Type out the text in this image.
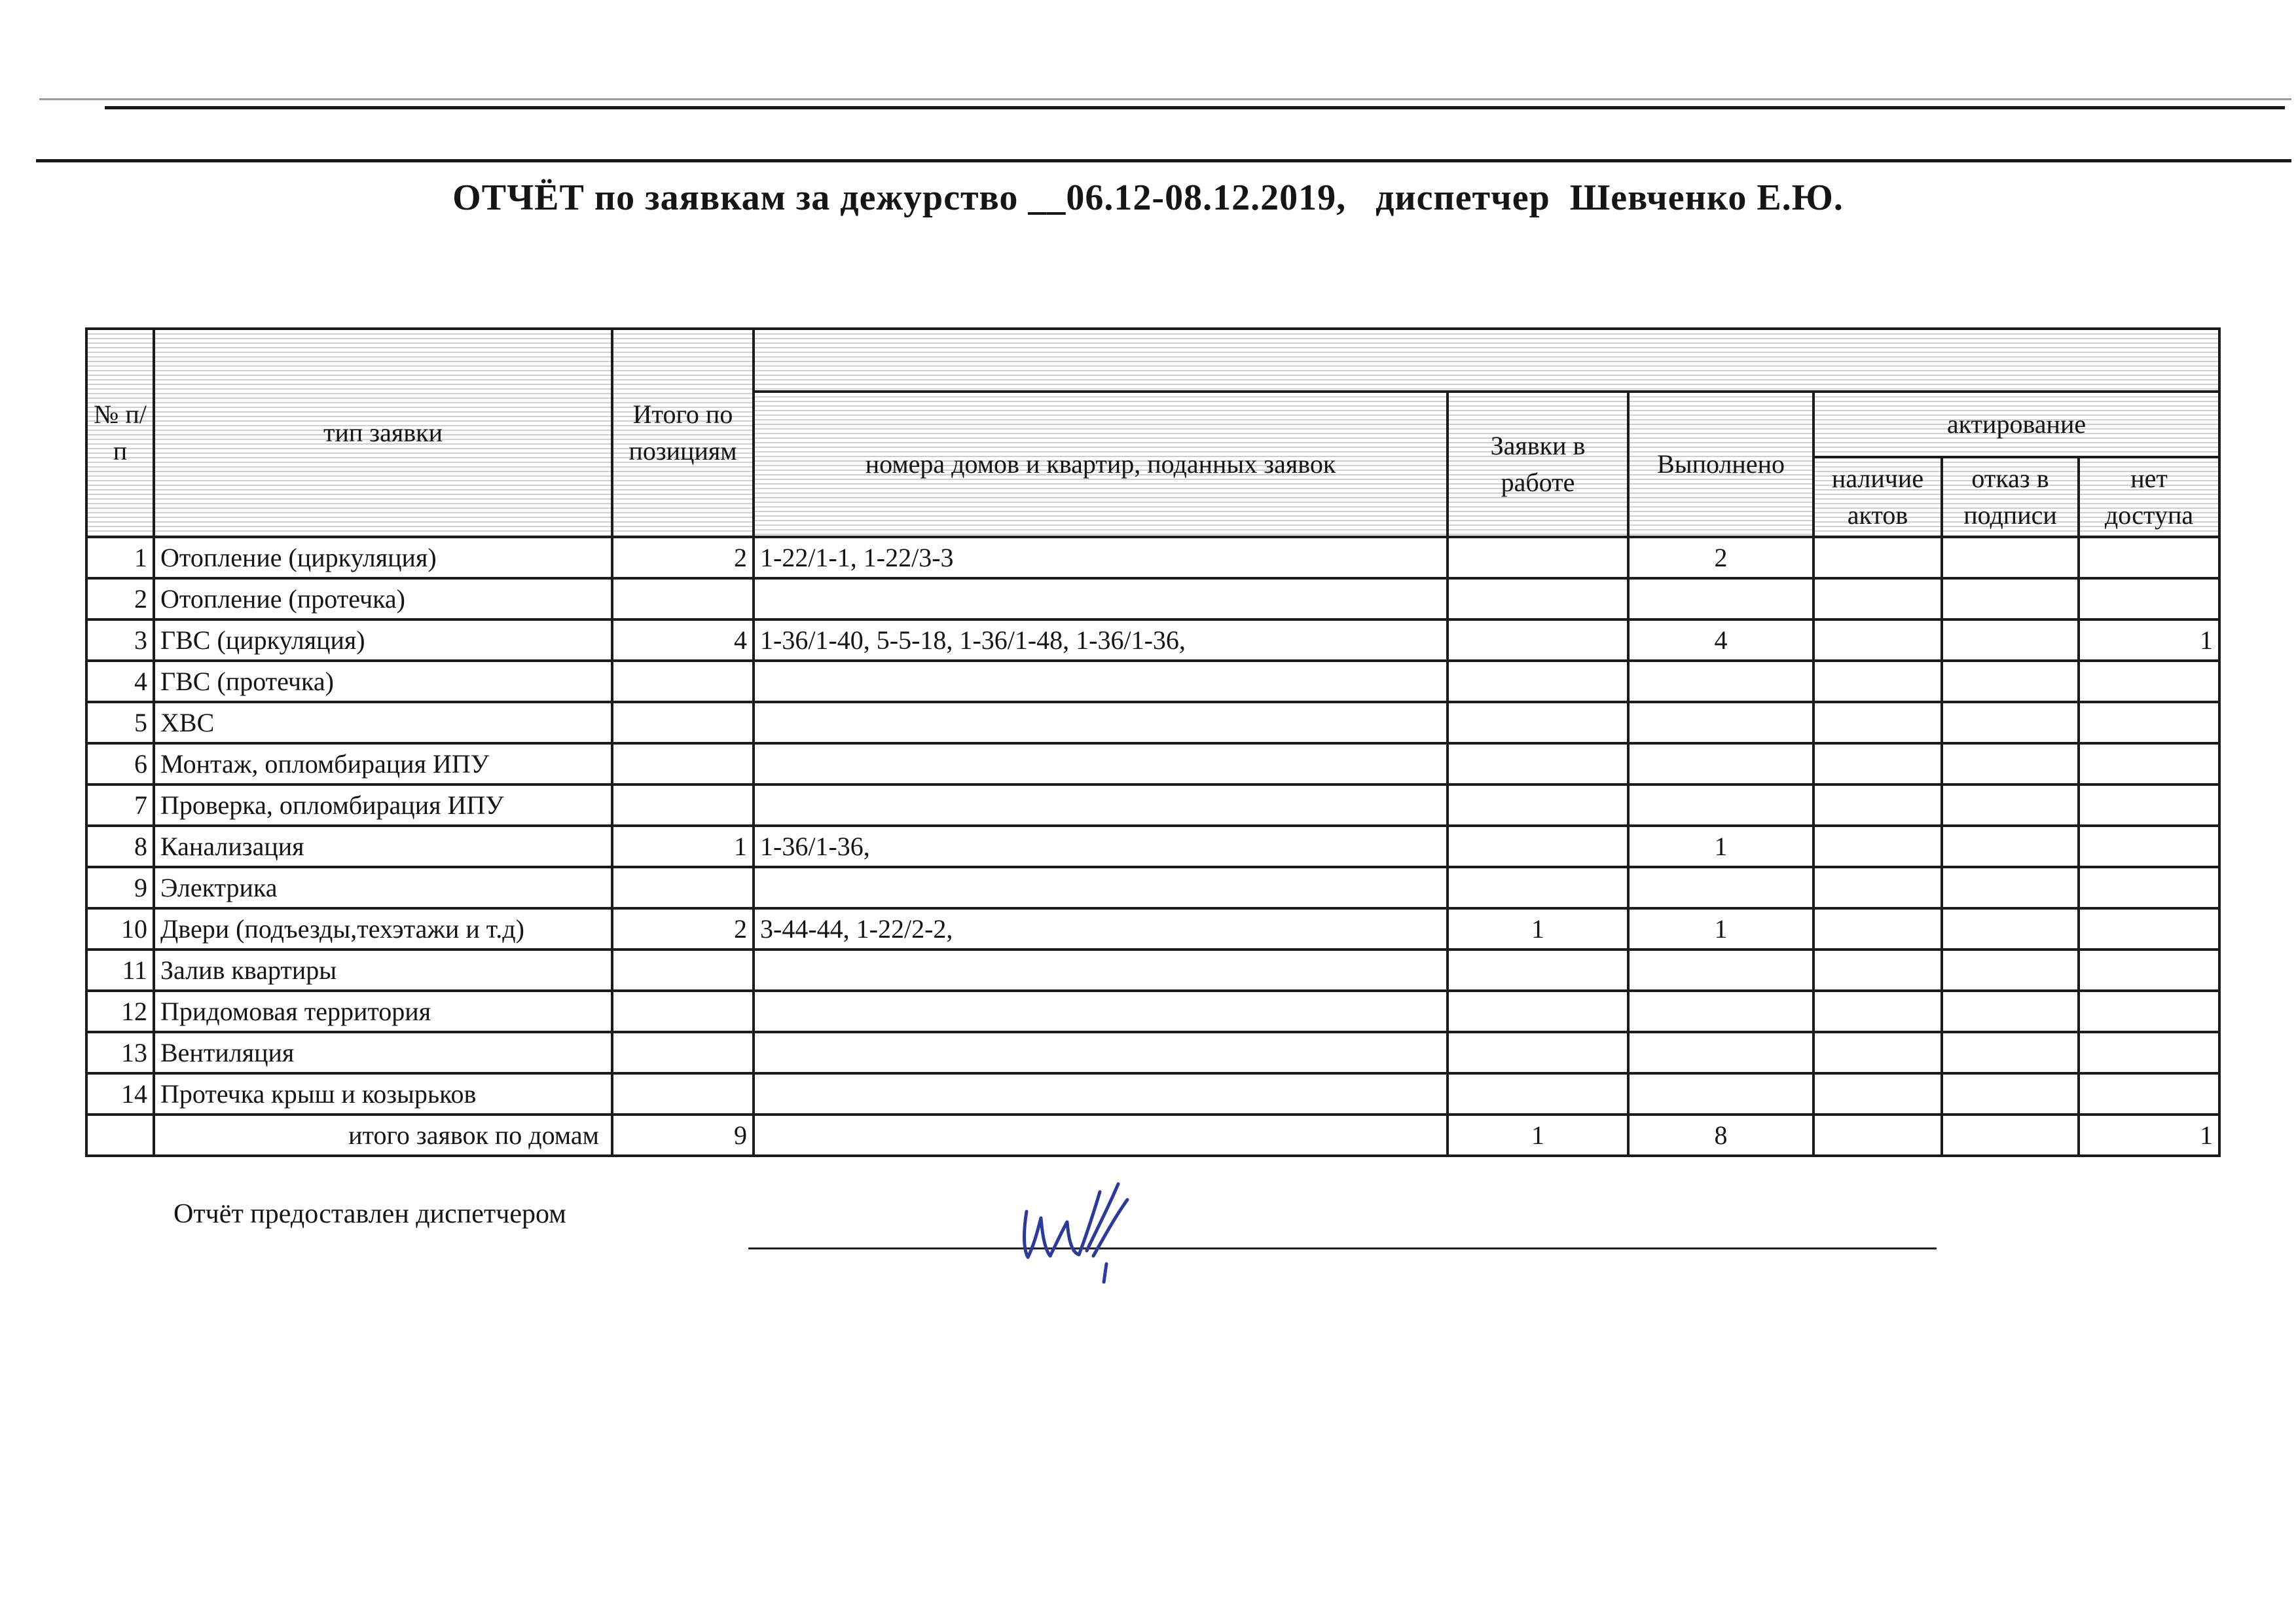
ОТЧЁТ по заявкам за дежурство __06.12-08.12.2019,   диспетчер  Шевченко Е.Ю.
№ п/п	тип заявки	Итого по позициям						
			номера домов и квартир, поданных заявок	Заявки в работе	Выполнено	актирование		
						наличие актов	отказ в подписи	нет доступа
1	Отопление (циркуляция)	2	1-22/1-1, 1-22/3-3		2			
2	Отопление (протечка)							
3	ГВС (циркуляция)	4	1-36/1-40, 5-5-18, 1-36/1-48, 1-36/1-36,		4			1
4	ГВС (протечка)							
5	ХВС							
6	Монтаж, опломбирация ИПУ							
7	Проверка, опломбирация ИПУ							
8	Канализация	1	1-36/1-36,		1			
9	Электрика							
10	Двери (подъезды,техэтажи и т.д)	2	3-44-44, 1-22/2-2,	1	1			
11	Залив квартиры							
12	Придомовая территория							
13	Вентиляция							
14	Протечка крыш и козырьков							
	итого заявок по домам	9		1	8			1
Отчёт предоставлен диспетчером
